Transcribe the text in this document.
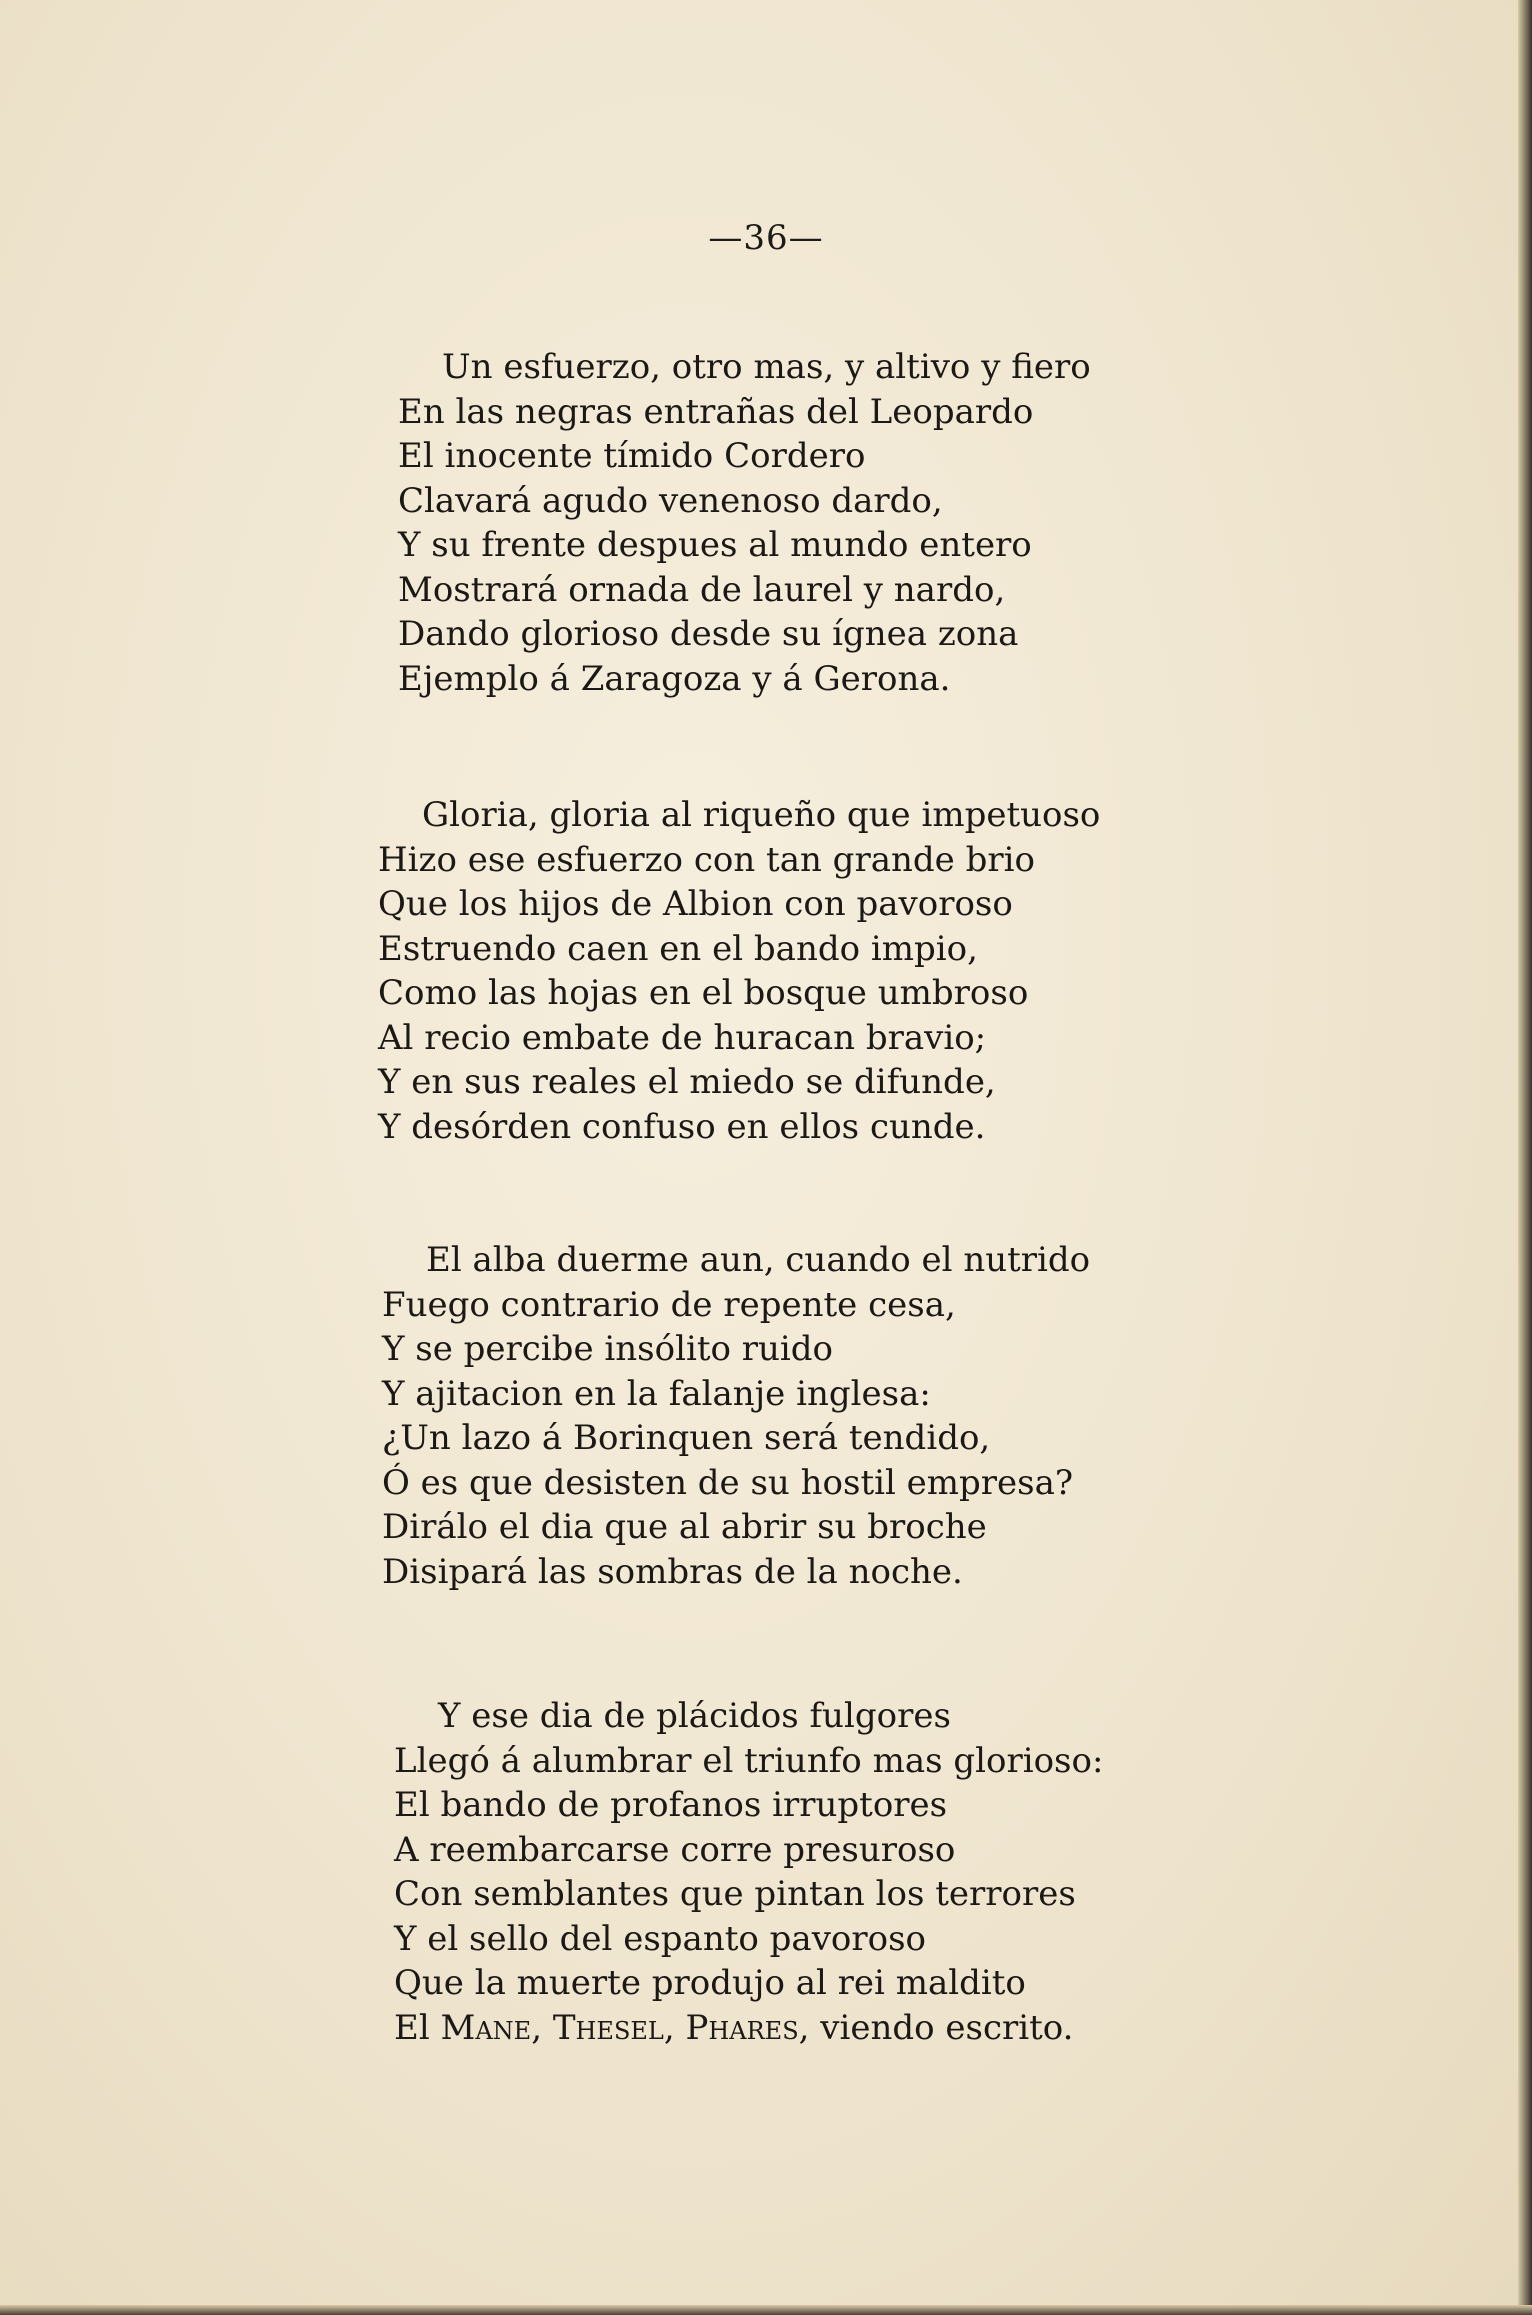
—36—
Un esfuerzo, otro mas, y altivo y fiero
En las negras entrañas del Leopardo
El inocente tímido Cordero
Clavará agudo venenoso dardo,
Y su frente despues al mundo entero
Mostrará ornada de laurel y nardo,
Dando glorioso desde su ígnea zona
Ejemplo á Zaragoza y á Gerona.
Gloria, gloria al riqueño que impetuoso
Hizo ese esfuerzo con tan grande brio
Que los hijos de Albion con pavoroso
Estruendo caen en el bando impio,
Como las hojas en el bosque umbroso
Al recio embate de huracan bravio;
Y en sus reales el miedo se difunde,
Y desórden confuso en ellos cunde.
El alba duerme aun, cuando el nutrido
Fuego contrario de repente cesa,
Y se percibe insólito ruido
Y ajitacion en la falanje inglesa:
¿Un lazo á Borinquen será tendido,
Ó es que desisten de su hostil empresa?
Dirálo el dia que al abrir su broche
Disipará las sombras de la noche.
Y ese dia de plácidos fulgores
Llegó á alumbrar el triunfo mas glorioso:
El bando de profanos irruptores
A reembarcarse corre presuroso
Con semblantes que pintan los terrores
Y el sello del espanto pavoroso
Que la muerte produjo al rei maldito
El Mane, Thesel, Phares, viendo escrito.
